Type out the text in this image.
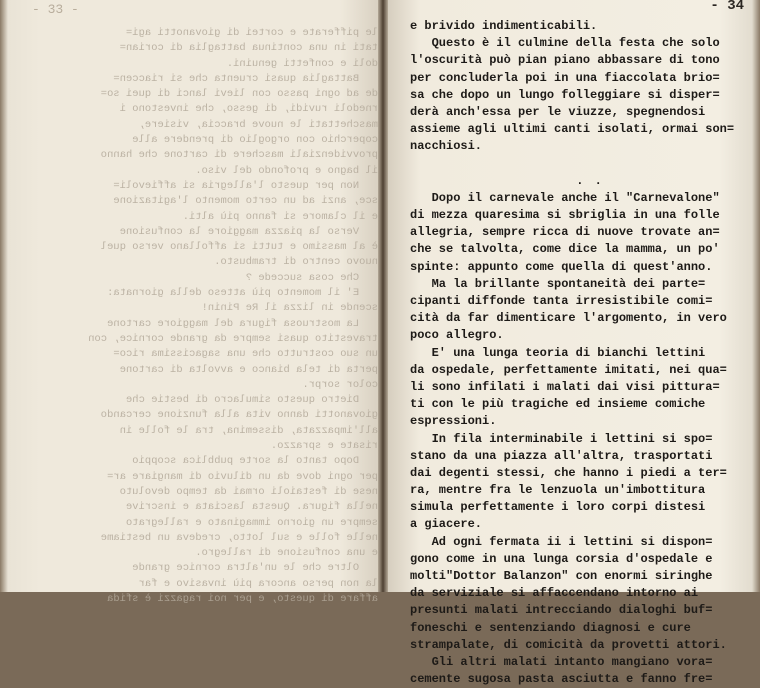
- 33 -
le pifferate e cortei di giovanotti agi=
tati in una continua battaglia di corian=
doli e confetti genuini.
Battaglia quasi cruenta che si riaccen=
de ad ogni passo con lievi lanci di quei so=
rnedoli ruvidi, di gesso, che investono i
maschettati le nuove braccia, visiere,
coperchio con orgoglio di prendere alle
provvidenziali maschere di cartone che hanno
il bagno e profondo del viso.
Non per questo l'allegria si affievoli=
sce, anzi ad un certo momento l'agitazione
e il clamore si fanno più alti.
Verso la piazza maggiore la confusione
è al massimo e tutti si affollano verso quel
nuovo centro di trambusto.
Che cosa succede ?
E' il momento più atteso della giornata:
scende in lizza il Re Pinin!
La mostruosa figura del maggiore cartone
travestito quasi sempre da grande cornice, con
un suo costrutto che una sagacissima rico=
perta di tela bianco e avvolta di cartone
color sorpr.
Dietro questo simulacro di bestie che
giovanotti danno vita alla funzione cercando
all'impazzata, dissemina, tra le folle in
risate e sprazzo.
Dopo tanto la sorte pubblica scoppio
per ogni dove da un diluvio di mangiare ar=
nese di festaioli ormai da tempo devoluto
nella figura. Questa lasciata e inscrive
sempre un giorno immaginato e rallegrato
nelle folle e sul lotto, credeva un bestiame
e una confusione di rallegro.
Oltre che le un'altra cornice grande
la non perso ancora più invasivo e far
affare di questo, e per noi ragazzi è sfida
- 34
e brivido indimenticabili.
Questo è il culmine della festa che solo
l'oscurità può pian piano abbassare di tono
per concluderla poi in una fiaccolata brio=
sa che dopo un lungo folleggiare si disper=
derà anch'essa per le viuzze, spegnendosi
assieme agli ultimi canti isolati, ormai son=
nacchiosi.
. .
Dopo il carnevale anche il "Carnevalone"
di mezza quaresima si sbriglia in una folle
allegria, sempre ricca di nuove trovate an=
che se talvolta, come dice la mamma, un po'
spinte: appunto come quella di quest'anno.
Ma la brillante spontaneità dei parte=
cipanti diffonde tanta irresistibile comi=
cità da far dimenticare l'argomento, in vero
poco allegro.
E' una lunga teoria di bianchi lettini
da ospedale, perfettamente imitati, nei qua=
li sono infilati i malati dai visi pittura=
ti con le più tragiche ed insieme comiche
espressioni.
In fila interminabile i lettini si spo=
stano da una piazza all'altra, trasportati
dai degenti stessi, che hanno i piedi a ter=
ra, mentre fra le lenzuola un'imbottitura
simula perfettamente i loro corpi distesi
a giacere.
Ad ogni fermata ii i lettini si dispon=
gono come in una lunga corsia d'ospedale e
molti"Dottor Balanzon" con enormi siringhe
da serviziale si affaccendano intorno ai
presunti malati intrecciando dialoghi buf=
foneschi e sentenziando diagnosi e cure
strampalate, di comicità da provetti attori.
Gli altri malati intanto mangiano vora=
cemente sugosa pasta asciutta e fanno fre=
